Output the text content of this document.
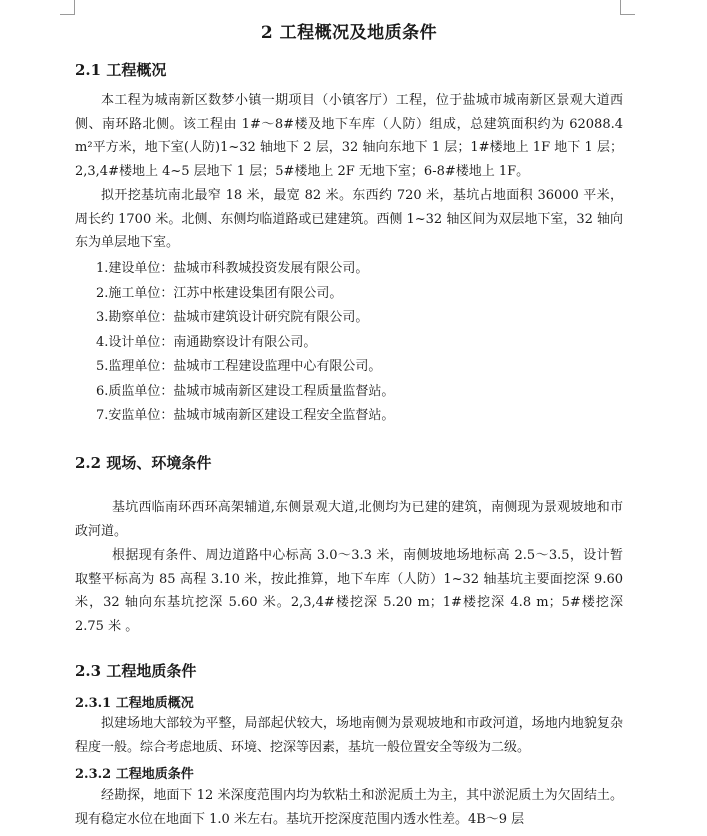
2 工程概况及地质条件
2.1 工程概况

本工程为城南新区数梦小镇一期项目（小镇客厅）工程，位于盐城市城南新区景观大道西侧、南环路北侧。该工程由 1#～8#楼及地下车库（人防）组成，总建筑面积约为 62088.4 m²平方米，地下室(人防)1~32 轴地下 2 层，32 轴向东地下 1 层；1#楼地上 1F 地下 1 层；2,3,4#楼地上 4~5 层地下 1 层；5#楼地上 2F 无地下室；6-8#楼地上 1F。

拟开挖基坑南北最窄 18 米，最宽 82 米。东西约 720 米，基坑占地面积 36000 平米，周长约 1700 米。北侧、东侧均临道路或已建建筑。西侧 1~32 轴区间为双层地下室，32 轴向东为单层地下室。

1.建设单位：盐城市科教城投资发展有限公司。
2.施工单位：江苏中枨建设集团有限公司。
3.勘察单位：盐城市建筑设计研究院有限公司。
4.设计单位：南通勘察设计有限公司。
5.监理单位：盐城市工程建设监理中心有限公司。
6.质监单位：盐城市城南新区建设工程质量监督站。
7.安监单位：盐城市城南新区建设工程安全监督站。
2.2 现场、环境条件

基坑西临南环西环高架辅道,东侧景观大道,北侧均为已建的建筑，南侧现为景观坡地和市政河道。

根据现有条件、周边道路中心标高 3.0～3.3 米，南侧坡地场地标高 2.5～3.5，设计暂取整平标高为 85 高程 3.10 米，按此推算，地下车库（人防）1~32 轴基坑主要面挖深 9.60 米，32 轴向东基坑挖深 5.60 米。2,3,4#楼挖深 5.20 m；1#楼挖深 4.8 m；5#楼挖深 2.75 米 。

2.3 工程地质条件
2.3.1 工程地质概况

拟建场地大部较为平整，局部起伏较大，场地南侧为景观坡地和市政河道，场地内地貌复杂程度一般。综合考虑地质、环境、挖深等因素，基坑一般位置安全等级为二级。

2.3.2 工程地质条件

经勘探，地面下 12 米深度范围内均为软粘土和淤泥质土为主，其中淤泥质土为欠固结土。现有稳定水位在地面下 1.0 米左右。基坑开挖深度范围内透水性差。4B～9 层
